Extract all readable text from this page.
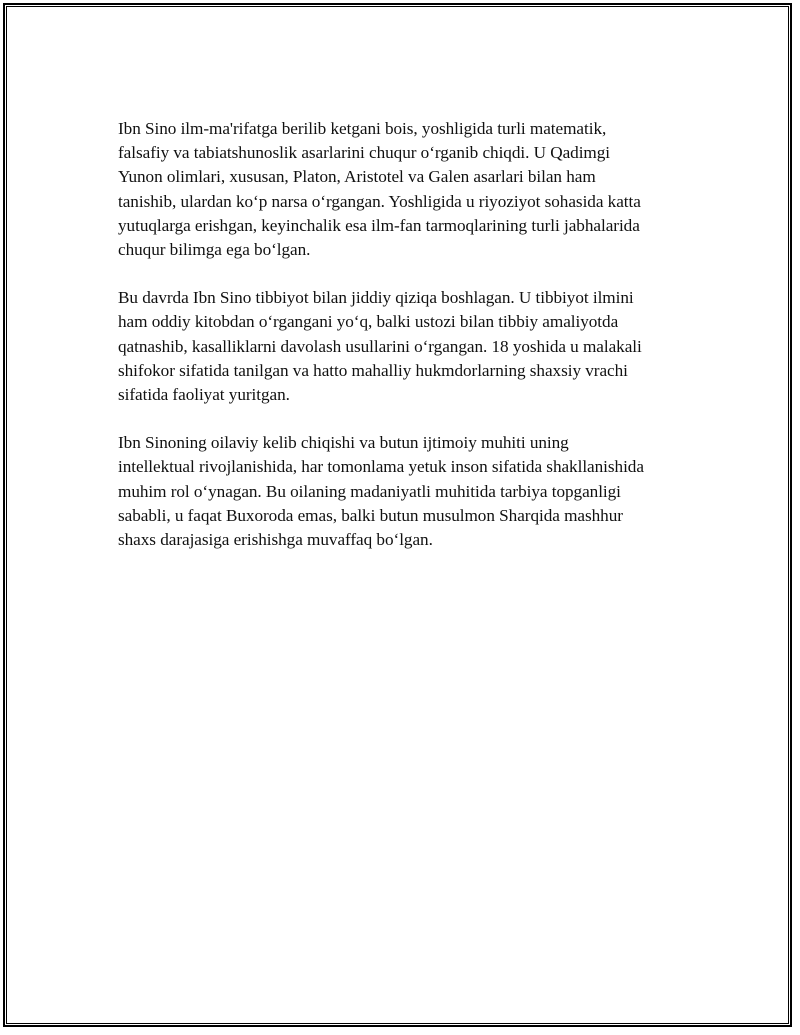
Ibn Sino ilm-ma'rifatga berilib ketgani bois, yoshligida turli matematik,
falsafiy va tabiatshunoslik asarlarini chuqur o‘rganib chiqdi. U Qadimgi
Yunon olimlari, xususan, Platon, Aristotel va Galen asarlari bilan ham
tanishib, ulardan ko‘p narsa o‘rgangan. Yoshligida u riyoziyot sohasida katta
yutuqlarga erishgan, keyinchalik esa ilm-fan tarmoqlarining turli jabhalarida
chuqur bilimga ega bo‘lgan.

Bu davrda Ibn Sino tibbiyot bilan jiddiy qiziqa boshlagan. U tibbiyot ilmini
ham oddiy kitobdan o‘rgangani yo‘q, balki ustozi bilan tibbiy amaliyotda
qatnashib, kasalliklarni davolash usullarini o‘rgangan. 18 yoshida u malakali
shifokor sifatida tanilgan va hatto mahalliy hukmdorlarning shaxsiy vrachi
sifatida faoliyat yuritgan.

Ibn Sinoning oilaviy kelib chiqishi va butun ijtimoiy muhiti uning
intellektual rivojlanishida, har tomonlama yetuk inson sifatida shakllanishida
muhim rol o‘ynagan. Bu oilaning madaniyatli muhitida tarbiya topganligi
sababli, u faqat Buxoroda emas, balki butun musulmon Sharqida mashhur
shaxs darajasiga erishishga muvaffaq bo‘lgan.
